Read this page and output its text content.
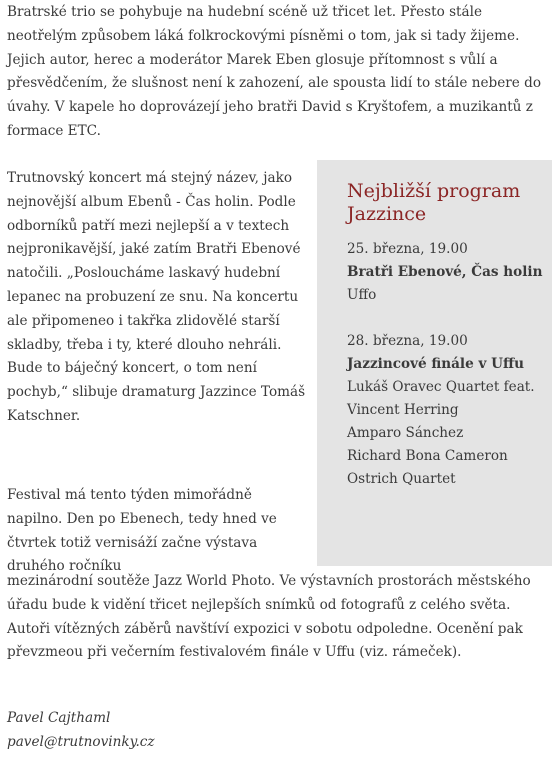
Bratrské trio se pohybuje na hudební scéně už třicet let. Přesto stále neotřelým způsobem láká folkrockovými písněmi o tom, jak si tady žijeme. Jejich autor, herec a moderátor Marek Eben glosuje přítomnost s vůlí a přesvědčením, že slušnost není k zahození, ale spousta lidí to stále nebere do úvahy. V kapele ho doprovázejí jeho bratři David s Kryštofem, a muzikantů z formace ETC.

Trutnovský koncert má stejný název, jako nejnovější album Ebenů - Čas holin. Podle odborníků patří mezi nejlepší a v textech nejpronikavější, jaké zatím Bratři Ebenové natočili. „Posloucháme laskavý hudební lepanec na probuzení ze snu. Na koncertu ale připomeneo i takřka zlidovělé starší skladby, třeba i ty, které dlouho nehráli. Bude to báječný koncert, o tom není pochyb,“ slibuje dramaturg Jazzince Tomáš Katschner.

Festival má tento týden mimořádně napilno. Den po Ebenech, tedy hned ve čtvrtek totiž vernisáží začne výstava druhého ročníku

mezinárodní soutěže Jazz World Photo. Ve výstavních prostorách městského úřadu bude k vidění třicet nejlepších snímků od fotografů z celého světa. Autoři vítězných záběrů navštíví expozici v sobotu odpoledne. Ocenění pak převzmeou při večerním festivalovém finále v Uffu (viz. rámeček).

Pavel Cajthaml
pavel@trutnovinky.cz
Nejbližší program Jazzince
25. března, 19.00
Bratři Ebenové, Čas holin
Uffo
28. března, 19.00
Jazzincové finále v Uffu
Lukáš Oravec Quartet feat.
Vincent Herring
Amparo Sánchez
Richard Bona Cameron
Ostrich Quartet
